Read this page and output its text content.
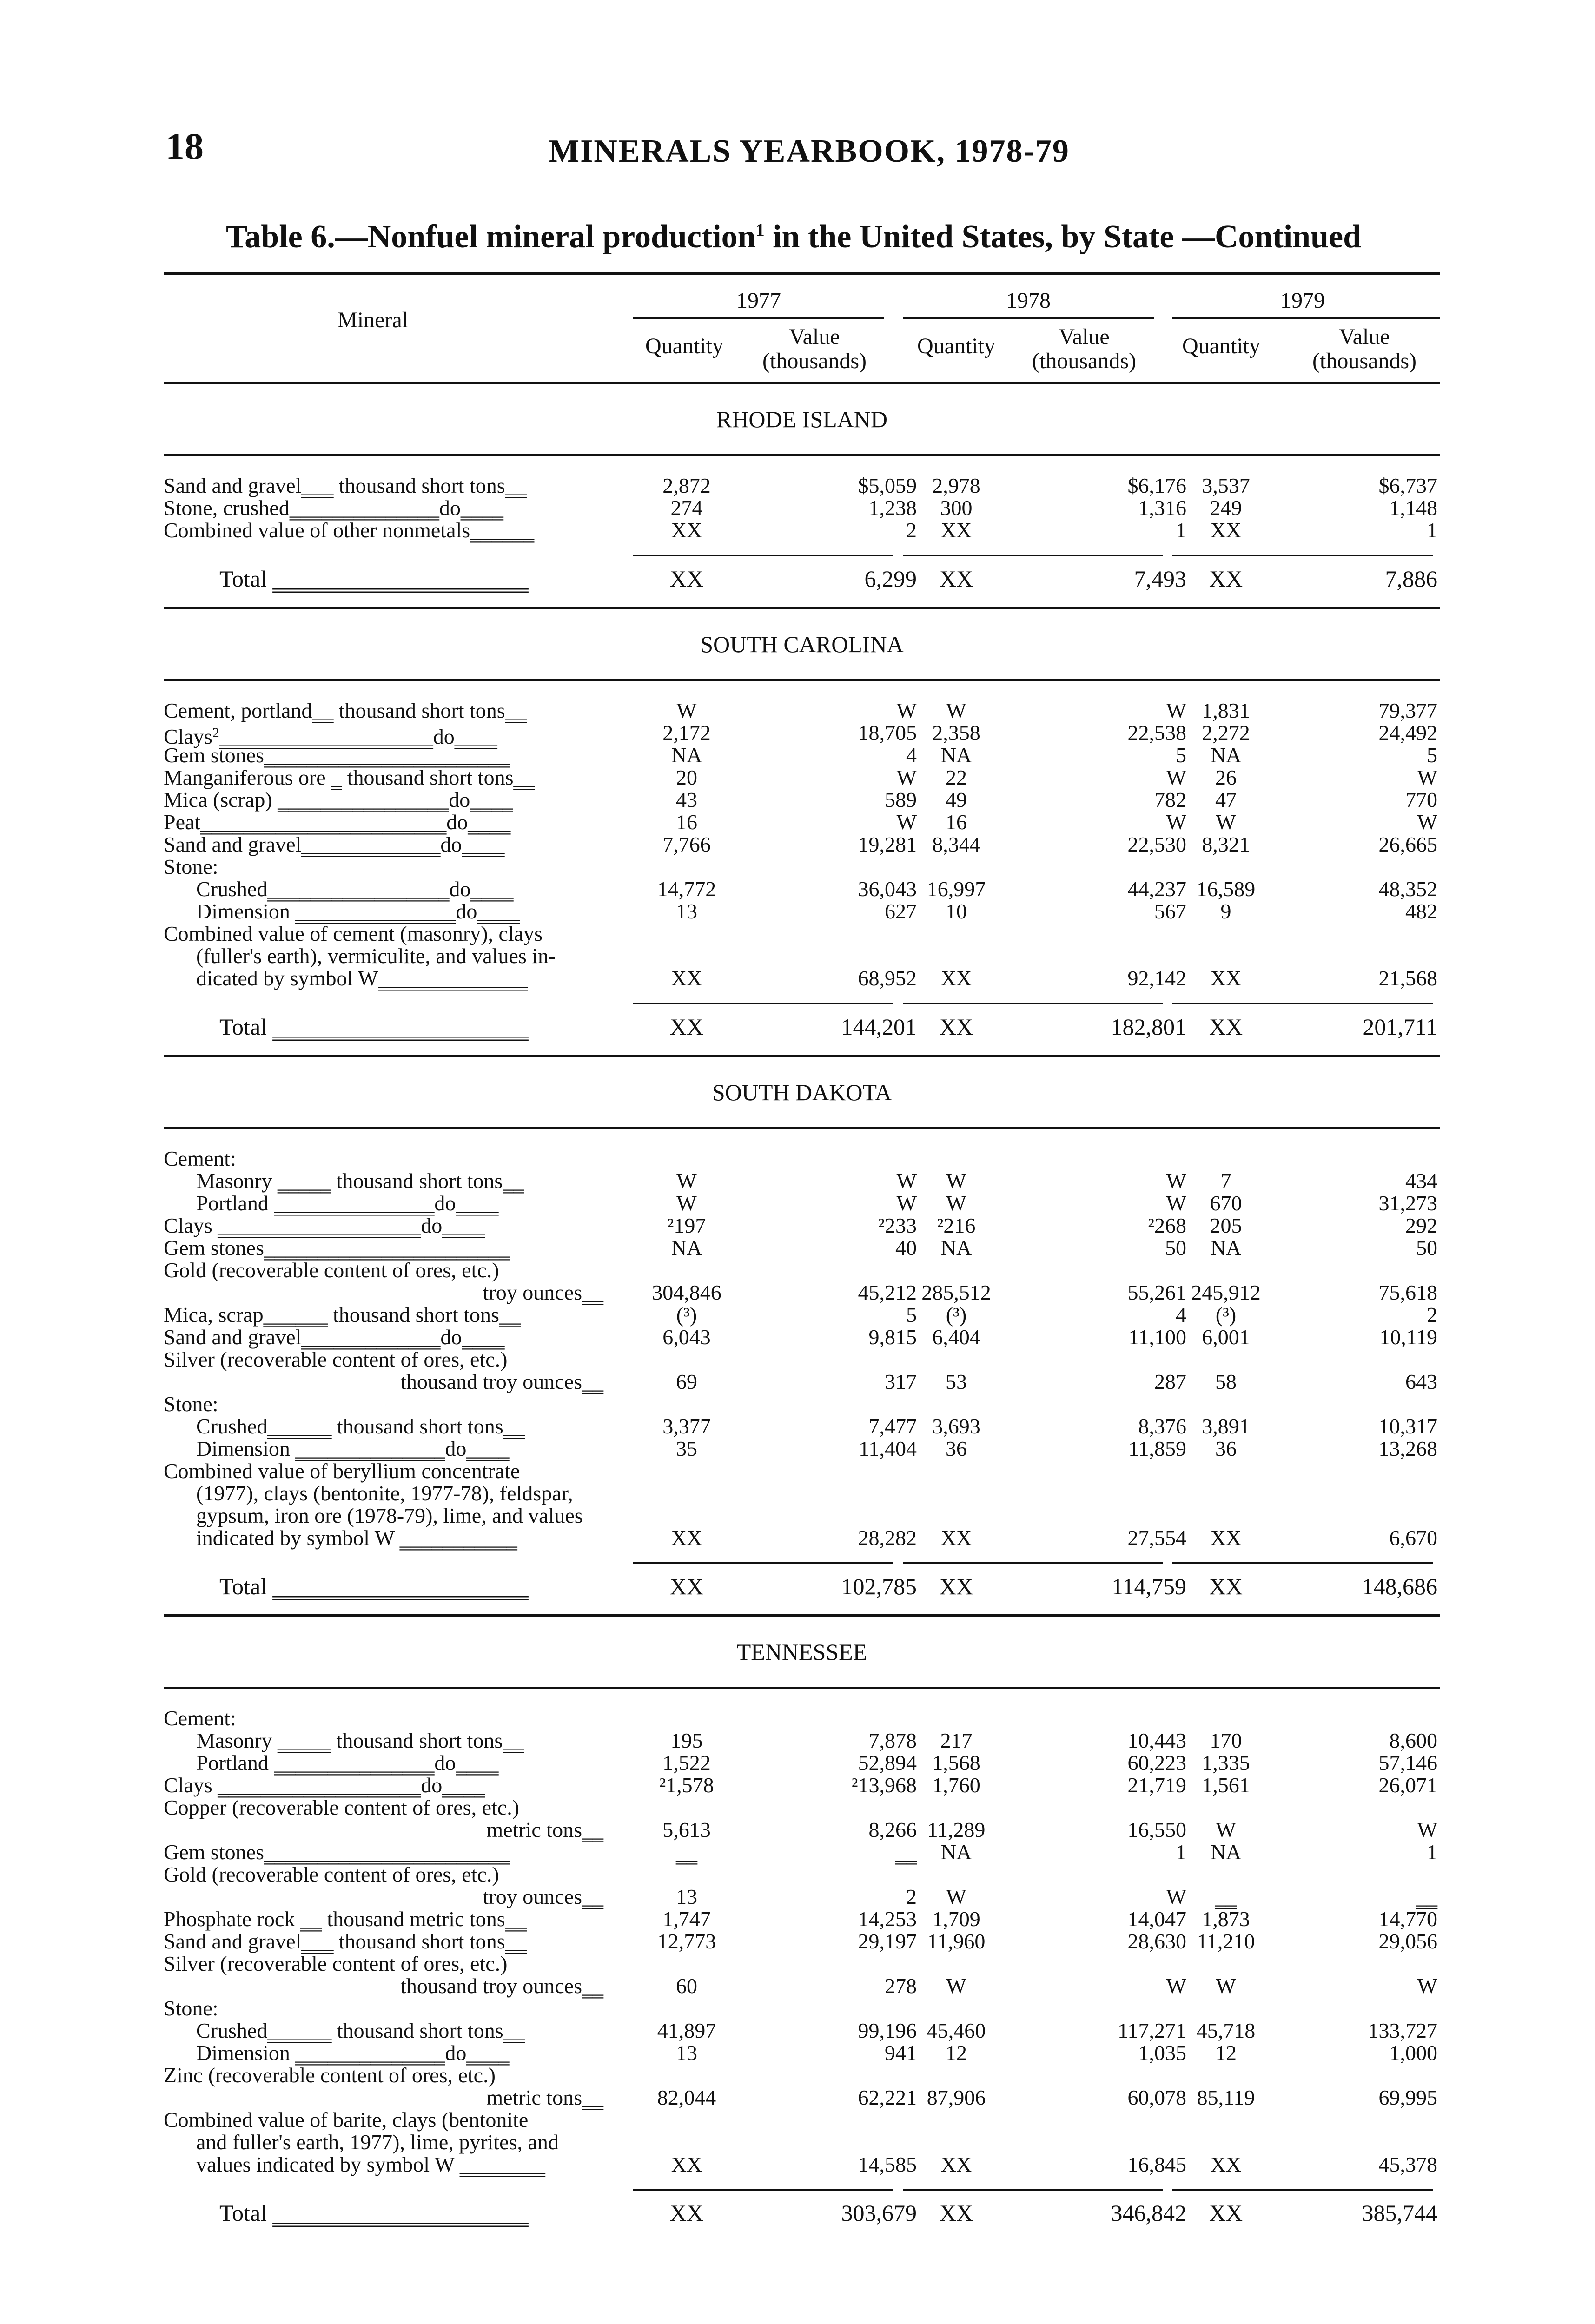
18	MINERALS YEARBOOK, 1978-79
Table 6.—Nonfuel mineral production$^1$ in the United States, by State —Continued
Mineral
1977	1978	1979
Quantity	Value
(thousands)
Quantity	Value
(thousands)
Quantity	Value
(thousands)
RHODE ISLAND
Sand and gravel‗‗‗ thousand short tons‗‗	2,872	$5,059 2,978	$6,176 3,537	$6,737
Stone, crushed‗‗‗‗‗‗‗‗‗‗‗‗‗‗do‗‗‗‗	274	1,238	300	1,316	249	1,148
Combined value of other nonmetals‗‗‗‗‗‗	XX	2	XX	1	XX	1
Total ‗‗‗‗‗‗‗‗‗‗‗‗‗‗‗‗‗‗‗‗‗‗	XX	6,299 XX	7,493 XX	7,886
SOUTH CAROLINA
Cement, portland‗‗ thousand short tons‗‗	W	W	W	W 1,831	79,377
Clays$^2$‗‗‗‗‗‗‗‗‗‗‗‗‗‗‗‗‗‗‗‗do‗‗‗‗	2,172	18,705 2,358	22,538 2,272	24,492
Gem stones‗‗‗‗‗‗‗‗‗‗‗‗‗‗‗‗‗‗‗‗‗‗‗	NA	4	NA	5	NA	5
Manganiferous ore ‗ thousand short tons‗‗	20	W	22	W	26	W
Mica (scrap) ‗‗‗‗‗‗‗‗‗‗‗‗‗‗‗‗do‗‗‗‗	43	589	49	782	47	770
Peat‗‗‗‗‗‗‗‗‗‗‗‗‗‗‗‗‗‗‗‗‗‗‗do‗‗‗‗	16	W	16	W	W	W
Sand and gravel‗‗‗‗‗‗‗‗‗‗‗‗‗do‗‗‗‗	7,766	19,281 8,344	22,530 8,321	26,665
Stone:
Crushed‗‗‗‗‗‗‗‗‗‗‗‗‗‗‗‗‗do‗‗‗‗	14,772	36,043 16,997	44,237 16,589	48,352
Dimension ‗‗‗‗‗‗‗‗‗‗‗‗‗‗‗do‗‗‗‗	13	627	10	567	9	482
Combined value of cement (masonry), clays
(fuller's earth), vermiculite, and values in-
dicated by symbol W‗‗‗‗‗‗‗‗‗‗‗‗‗‗	XX	68,952	XX	92,142	XX	21,568
Total ‗‗‗‗‗‗‗‗‗‗‗‗‗‗‗‗‗‗‗‗‗‗	XX	144,201 XX	182,801 XX	201,711
SOUTH DAKOTA
Cement:
Masonry ‗‗‗‗‗ thousand short tons‗‗	W	W	W	W	7	434
Portland ‗‗‗‗‗‗‗‗‗‗‗‗‗‗‗do‗‗‗‗	W	W	W	W	670	31,273
Clays ‗‗‗‗‗‗‗‗‗‗‗‗‗‗‗‗‗‗‗do‗‗‗‗	²197	²233 ²216	²268	205	292
Gem stones‗‗‗‗‗‗‗‗‗‗‗‗‗‗‗‗‗‗‗‗‗‗‗	NA	40	NA	50	NA	50
Gold (recoverable content of ores, etc.)
troy ounces‗‗	304,846	45,212 285,512	55,261 245,912	75,618
Mica, scrap‗‗‗‗‗‗ thousand short tons‗‗	(³)	5	(³)	4	(³)	2
Sand and gravel‗‗‗‗‗‗‗‗‗‗‗‗‗do‗‗‗‗	6,043	9,815 6,404	11,100 6,001	10,119
Silver (recoverable content of ores, etc.)
thousand troy ounces‗‗	69	317	53	287	58	643
Stone:
Crushed‗‗‗‗‗‗ thousand short tons‗‗	3,377	7,477 3,693	8,376 3,891	10,317
Dimension ‗‗‗‗‗‗‗‗‗‗‗‗‗‗do‗‗‗‗	35	11,404	36	11,859	36	13,268
Combined value of beryllium concentrate
(1977), clays (bentonite, 1977-78), feldspar,
gypsum, iron ore (1978-79), lime, and values
indicated by symbol W ‗‗‗‗‗‗‗‗‗‗‗	XX	28,282	XX	27,554	XX	6,670
Total ‗‗‗‗‗‗‗‗‗‗‗‗‗‗‗‗‗‗‗‗‗‗	XX	102,785 XX	114,759 XX	148,686
TENNESSEE
Cement:
Masonry ‗‗‗‗‗ thousand short tons‗‗	195	7,878	217	10,443	170	8,600
Portland ‗‗‗‗‗‗‗‗‗‗‗‗‗‗‗do‗‗‗‗	1,522	52,894 1,568	60,223 1,335	57,146
Clays ‗‗‗‗‗‗‗‗‗‗‗‗‗‗‗‗‗‗‗do‗‗‗‗	²1,578	²13,968 1,760	21,719 1,561	26,071
Copper (recoverable content of ores, etc.)
metric tons‗‗	5,613	8,266 11,289	16,550	W	W
Gem stones‗‗‗‗‗‗‗‗‗‗‗‗‗‗‗‗‗‗‗‗‗‗‗	‗‗	‗‗	NA	1	NA	1
Gold (recoverable content of ores, etc.)
troy ounces‗‗	13	2	W	W	‗‗	‗‗
Phosphate rock ‗‗ thousand metric tons‗‗	1,747	14,253 1,709	14,047 1,873	14,770
Sand and gravel‗‗‗ thousand short tons‗‗	12,773	29,197 11,960	28,630 11,210	29,056
Silver (recoverable content of ores, etc.)
thousand troy ounces‗‗	60	278	W	W	W	W
Stone:
Crushed‗‗‗‗‗‗ thousand short tons‗‗	41,897	99,196 45,460	117,271 45,718	133,727
Dimension ‗‗‗‗‗‗‗‗‗‗‗‗‗‗do‗‗‗‗	13	941	12	1,035	12	1,000
Zinc (recoverable content of ores, etc.)
metric tons‗‗	82,044	62,221 87,906	60,078 85,119	69,995
Combined value of barite, clays (bentonite
and fuller's earth, 1977), lime, pyrites, and
values indicated by symbol W ‗‗‗‗‗‗‗‗	XX	14,585	XX	16,845	XX	45,378
Total ‗‗‗‗‗‗‗‗‗‗‗‗‗‗‗‗‗‗‗‗‗‗	XX	303,679 XX	346,842 XX	385,744
